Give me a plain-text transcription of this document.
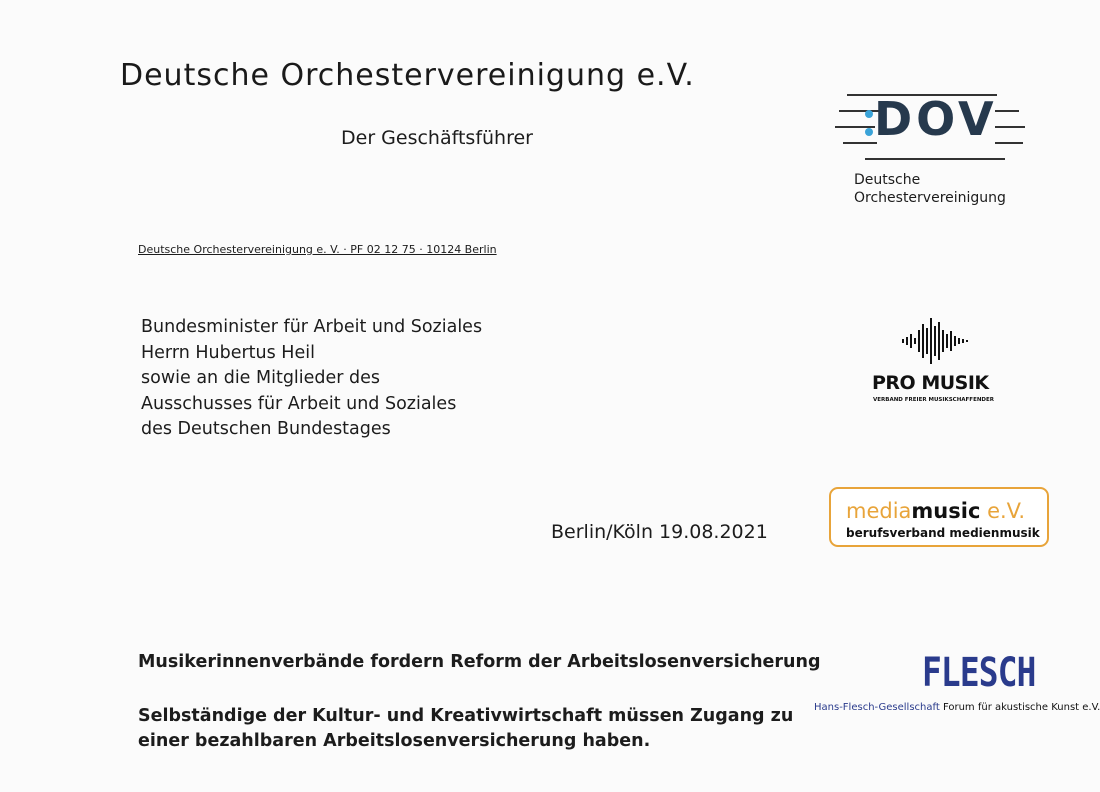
Deutsche Orchestervereinigung e.V.
Der Geschäftsführer
Deutsche Orchestervereinigung e. V. · PF 02 12 75 · 10124 Berlin
Bundesminister für Arbeit und Soziales
Herrn Hubertus Heil
sowie an die Mitglieder des
Ausschusses für Arbeit und Soziales
des Deutschen Bundestages
Berlin/Köln 19.08.2021
Musikerinnenverbände fordern Reform der Arbeitslosenversicherung
Selbständige der Kultur- und Kreativwirtschaft müssen Zugang zu
einer bezahlbaren Arbeitslosenversicherung haben.
DOV
Deutsche
Orchestervereinigung
PRO MUSIK
VERBAND FREIER MUSIKSCHAFFENDER
mediamusic e.V.
berufsverband medienmusik
FLESCH
Hans-Flesch-Gesellschaft Forum für akustische Kunst e.V.
